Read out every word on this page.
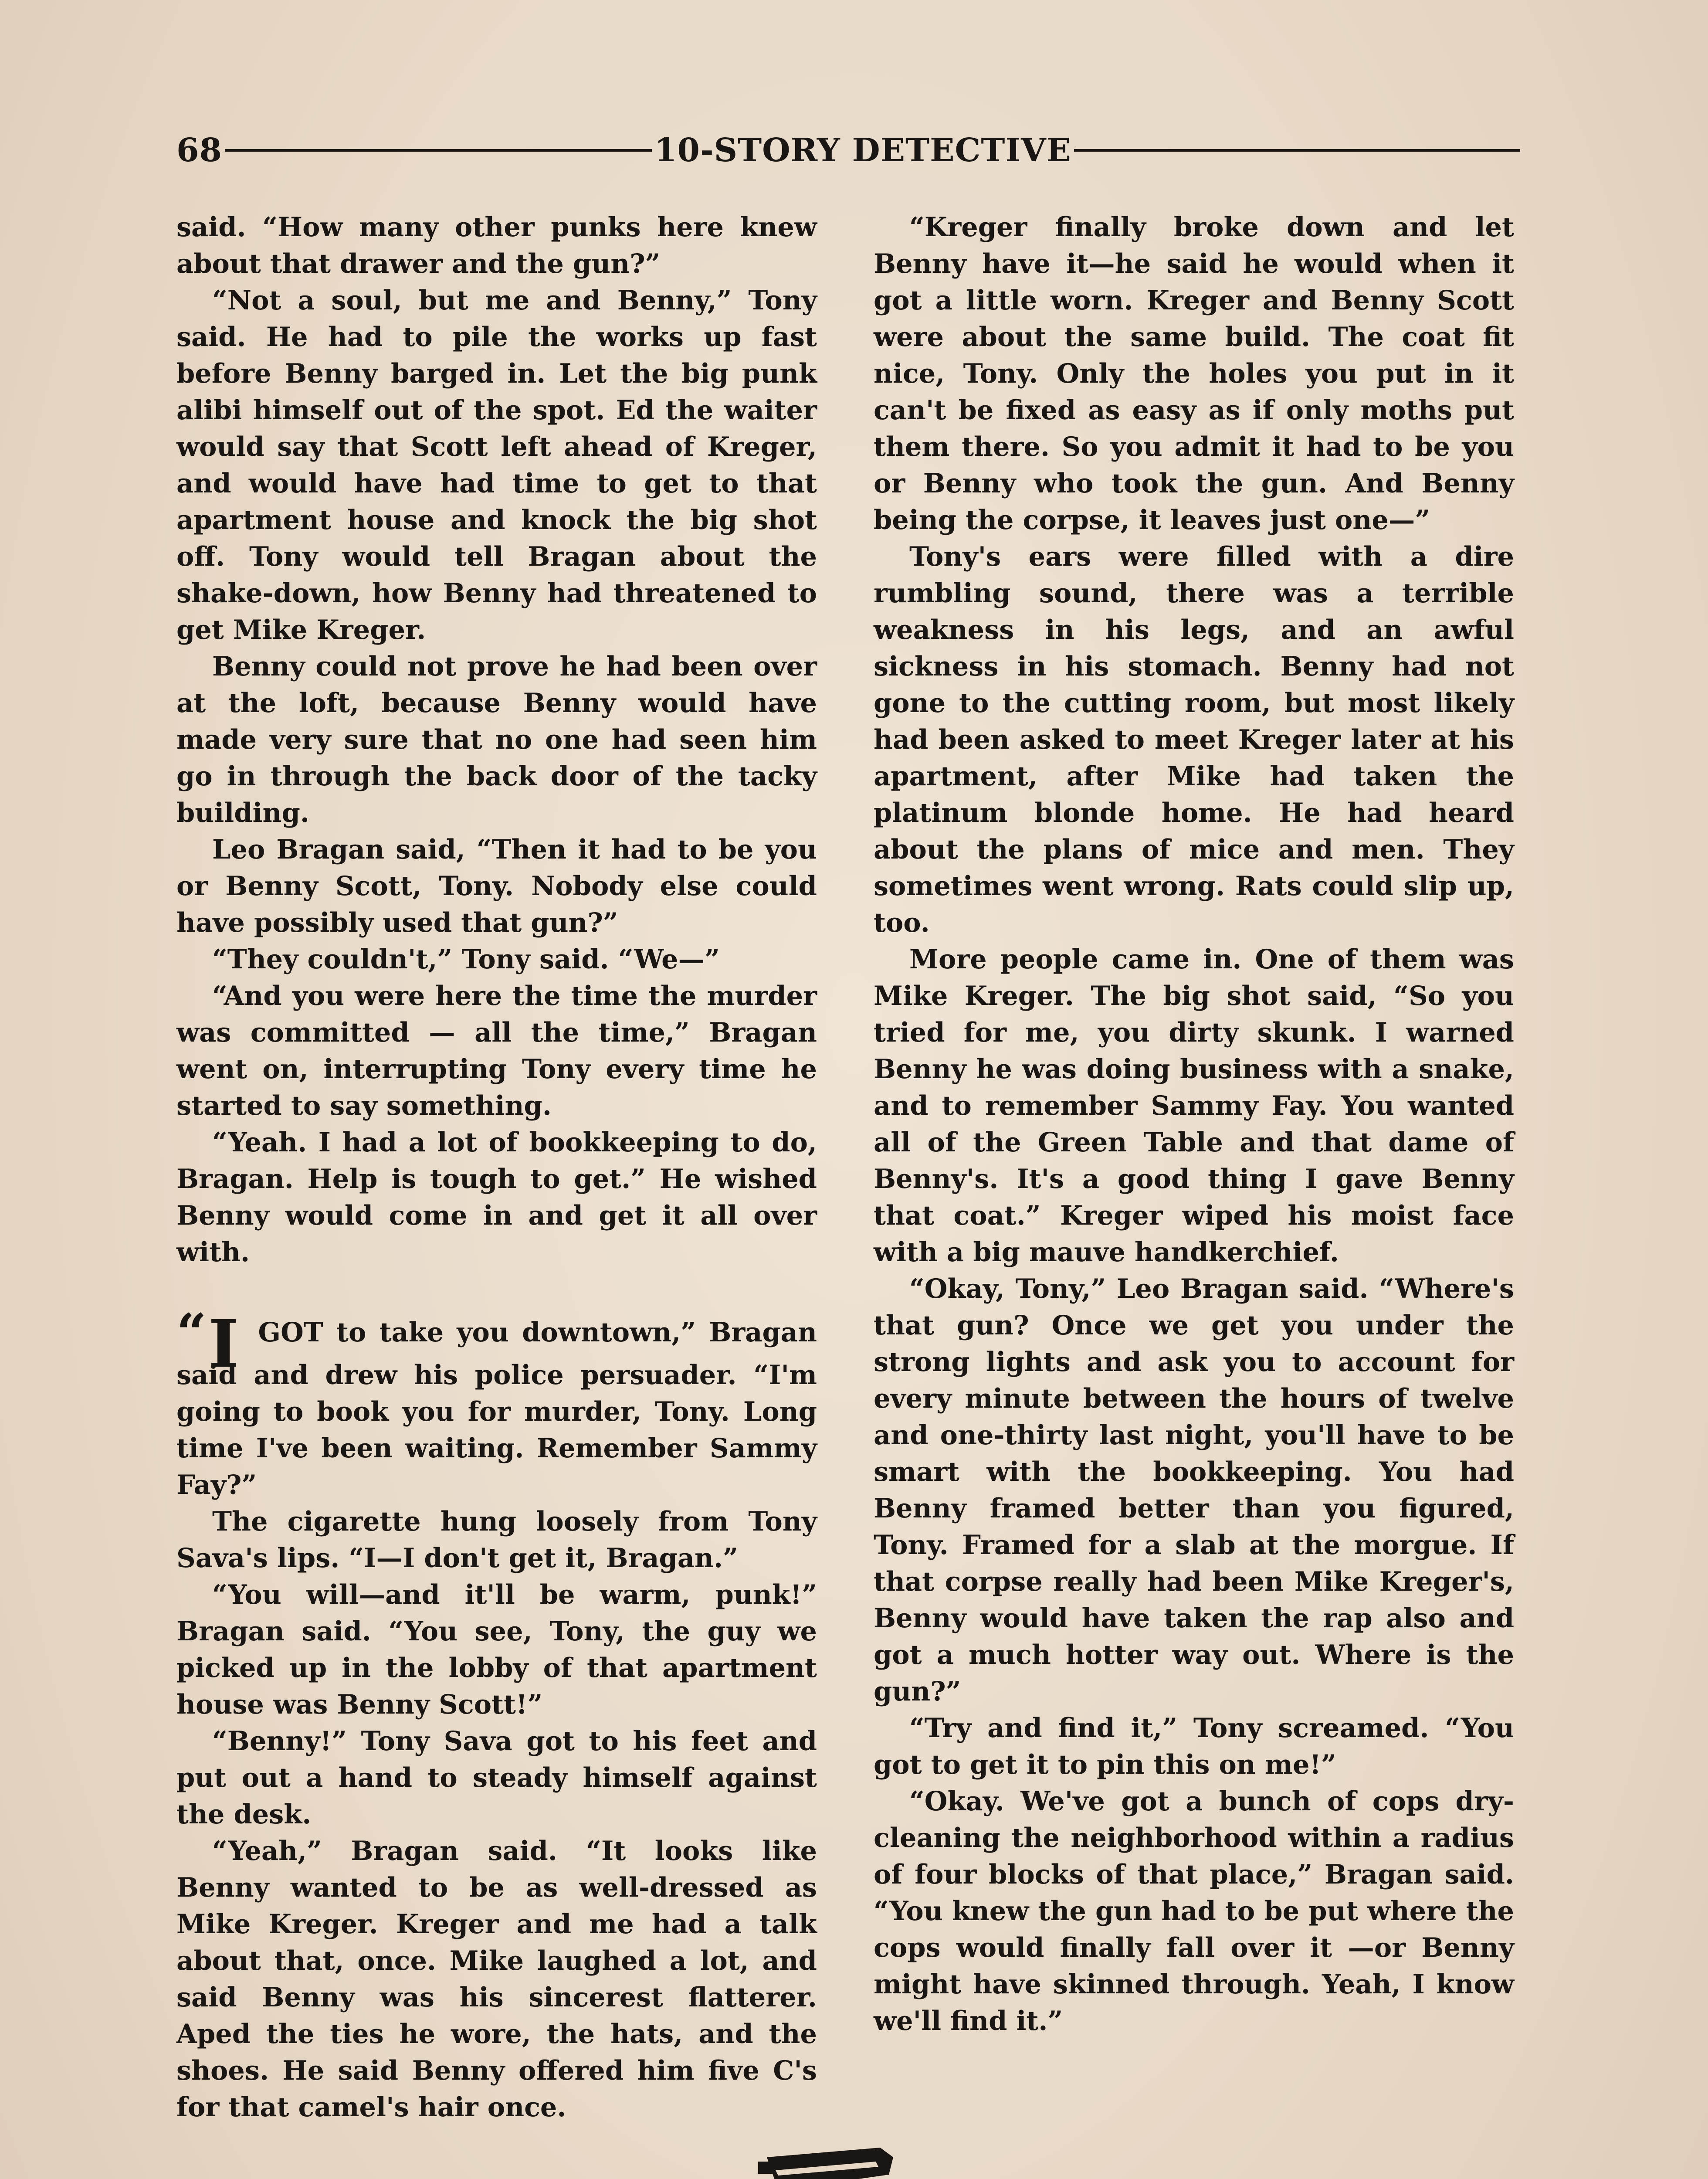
68	10-STORY DETECTIVE

said. “How many other punks here knew about that drawer and the gun?”

“Not a soul, but me and Benny,” Tony said. He had to pile the works up fast before Benny barged in. Let the big punk alibi himself out of the spot. Ed the waiter would say that Scott left ahead of Kreger, and would have had time to get to that apartment house and knock the big shot off. Tony would tell Bragan about the shake-down, how Benny had threatened to get Mike Kreger.

Benny could not prove he had been over at the loft, because Benny would have made very sure that no one had seen him go in through the back door of the tacky building.

Leo Bragan said, “Then it had to be you or Benny Scott, Tony. Nobody else could have possibly used that gun?”

“They couldn't,” Tony said. “We—”

“And you were here the time the murder was committed — all the time,” Bragan went on, interrupting Tony every time he started to say something.

“Yeah. I had a lot of bookkeeping to do, Bragan. Help is tough to get.” He wished Benny would come in and get it all over with.

“I GOT to take you downtown,” Bragan said and drew his police persuader. “I'm going to book you for murder, Tony. Long time I've been waiting. Remember Sammy Fay?”

The cigarette hung loosely from Tony Sava's lips. “I—I don't get it, Bragan.”

“You will—and it'll be warm, punk!” Bragan said. “You see, Tony, the guy we picked up in the lobby of that apartment house was Benny Scott!”

“Benny!” Tony Sava got to his feet and put out a hand to steady himself against the desk.

“Yeah,” Bragan said. “It looks like Benny wanted to be as well-dressed as Mike Kreger. Kreger and me had a talk about that, once. Mike laughed a lot, and said Benny was his sincerest flatterer. Aped the ties he wore, the hats, and the shoes. He said Benny offered him five C's for that camel's hair once.

“Kreger finally broke down and let Benny have it—he said he would when it got a little worn. Kreger and Benny Scott were about the same build. The coat fit nice, Tony. Only the holes you put in it can't be fixed as easy as if only moths put them there. So you admit it had to be you or Benny who took the gun. And Benny being the corpse, it leaves just one—”

Tony's ears were filled with a dire rumbling sound, there was a terrible weakness in his legs, and an awful sickness in his stomach. Benny had not gone to the cutting room, but most likely had been asked to meet Kreger later at his apartment, after Mike had taken the platinum blonde home. He had heard about the plans of mice and men. They sometimes went wrong. Rats could slip up, too.

More people came in. One of them was Mike Kreger. The big shot said, “So you tried for me, you dirty skunk. I warned Benny he was doing business with a snake, and to remember Sammy Fay. You wanted all of the Green Table and that dame of Benny's. It's a good thing I gave Benny that coat.” Kreger wiped his moist face with a big mauve handkerchief.

“Okay, Tony,” Leo Bragan said. “Where's that gun? Once we get you under the strong lights and ask you to account for every minute between the hours of twelve and one-thirty last night, you'll have to be smart with the bookkeeping. You had Benny framed better than you figured, Tony. Framed for a slab at the morgue. If that corpse really had been Mike Kreger's, Benny would have taken the rap also and got a much hotter way out. Where is the gun?”

“Try and find it,” Tony screamed. “You got to get it to pin this on me!”

“Okay. We've got a bunch of cops dry-cleaning the neighborhood within a radius of four blocks of that place,” Bragan said. “You knew the gun had to be put where the cops would finally fall over it —or Benny might have skinned through. Yeah, I know we'll find it.”
